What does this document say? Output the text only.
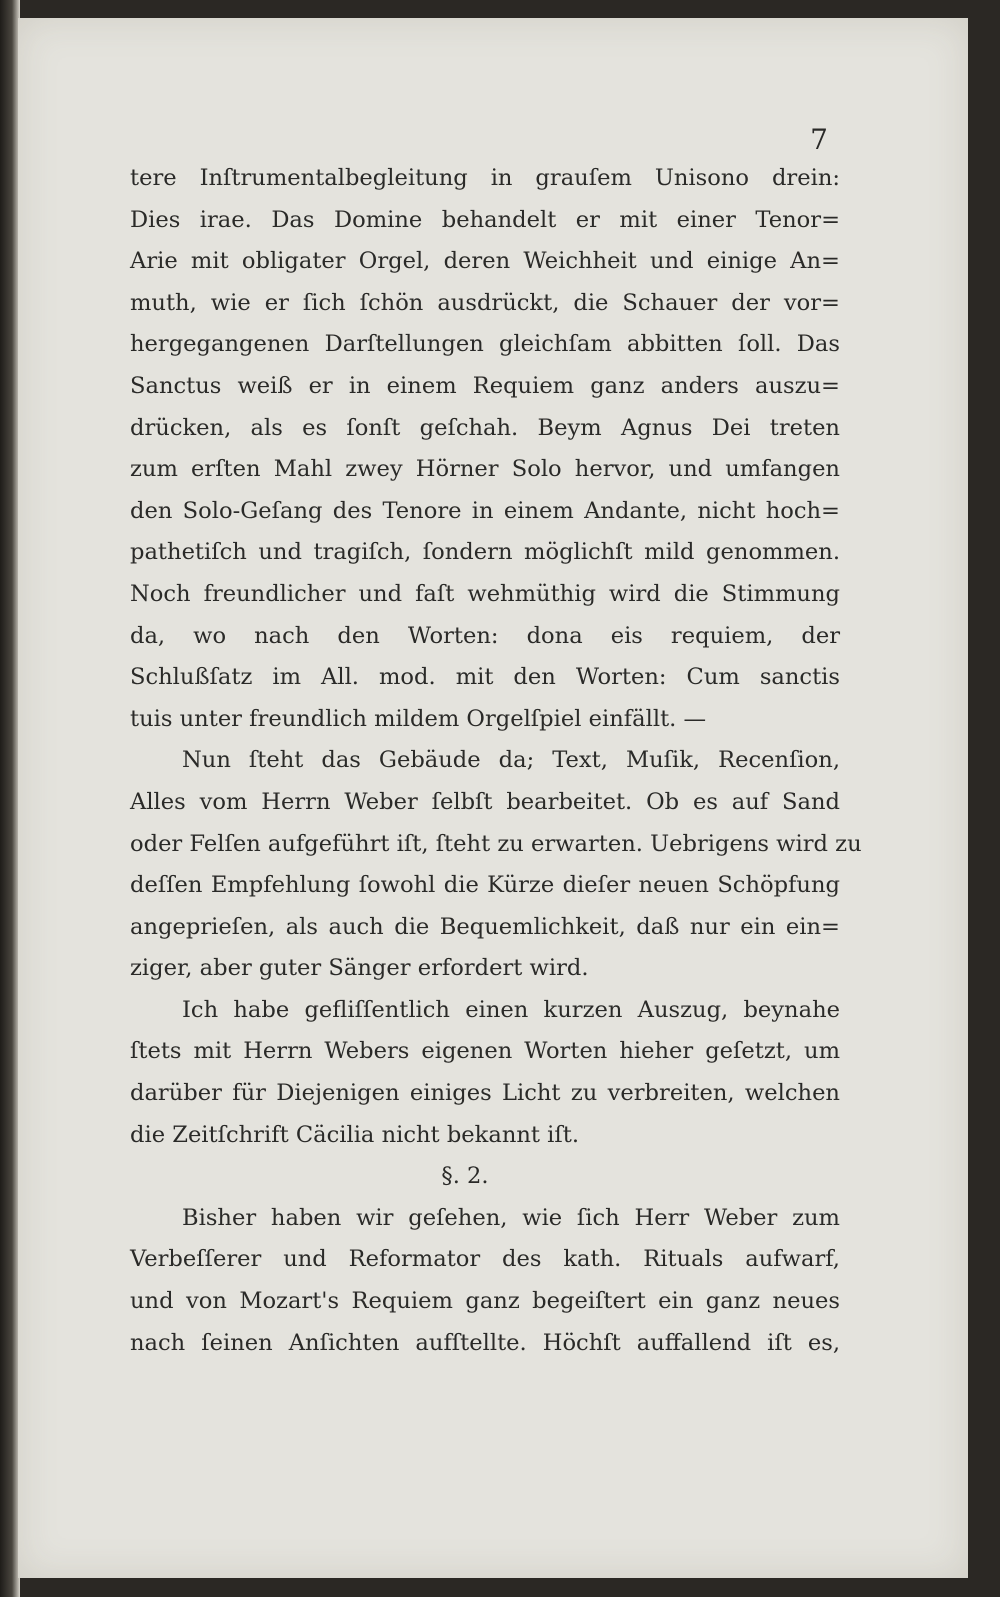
7
tere Inſtrumentalbegleitung in grauſem Unisono drein:
Dies irae. Das Domine behandelt er mit einer Tenor=
Arie mit obligater Orgel, deren Weichheit und einige An=
muth, wie er ſich ſchön ausdrückt, die Schauer der vor=
hergegangenen Darſtellungen gleichſam abbitten ſoll. Das
Sanctus weiß er in einem Requiem ganz anders auszu=
drücken, als es ſonſt geſchah. Beym Agnus Dei treten
zum erſten Mahl zwey Hörner Solo hervor, und umfangen
den Solo-Geſang des Tenore in einem Andante, nicht hoch=
pathetiſch und tragiſch, ſondern möglichſt mild genommen.
Noch freundlicher und faſt wehmüthig wird die Stimmung
da, wo nach den Worten: dona eis requiem, der
Schlußſatz im All. mod. mit den Worten: Cum sanctis
tuis unter freundlich mildem Orgelſpiel einfällt. —
Nun ſteht das Gebäude da; Text, Muſik, Recenſion,
Alles vom Herrn Weber ſelbſt bearbeitet. Ob es auf Sand
oder Felſen aufgeführt iſt, ſteht zu erwarten. Uebrigens wird zu
deſſen Empfehlung ſowohl die Kürze dieſer neuen Schöpfung
angeprieſen, als auch die Bequemlichkeit, daß nur ein ein=
ziger, aber guter Sänger erfordert wird.
Ich habe gefliſſentlich einen kurzen Auszug, beynahe
ſtets mit Herrn Webers eigenen Worten hieher geſetzt, um
darüber für Diejenigen einiges Licht zu verbreiten, welchen
die Zeitſchrift Cäcilia nicht bekannt iſt.
§. 2.
Bisher haben wir geſehen, wie ſich Herr Weber zum
Verbeſſerer und Reformator des kath. Rituals aufwarf,
und von Mozart's Requiem ganz begeiſtert ein ganz neues
nach ſeinen Anſichten aufſtellte. Höchſt auffallend iſt es,
